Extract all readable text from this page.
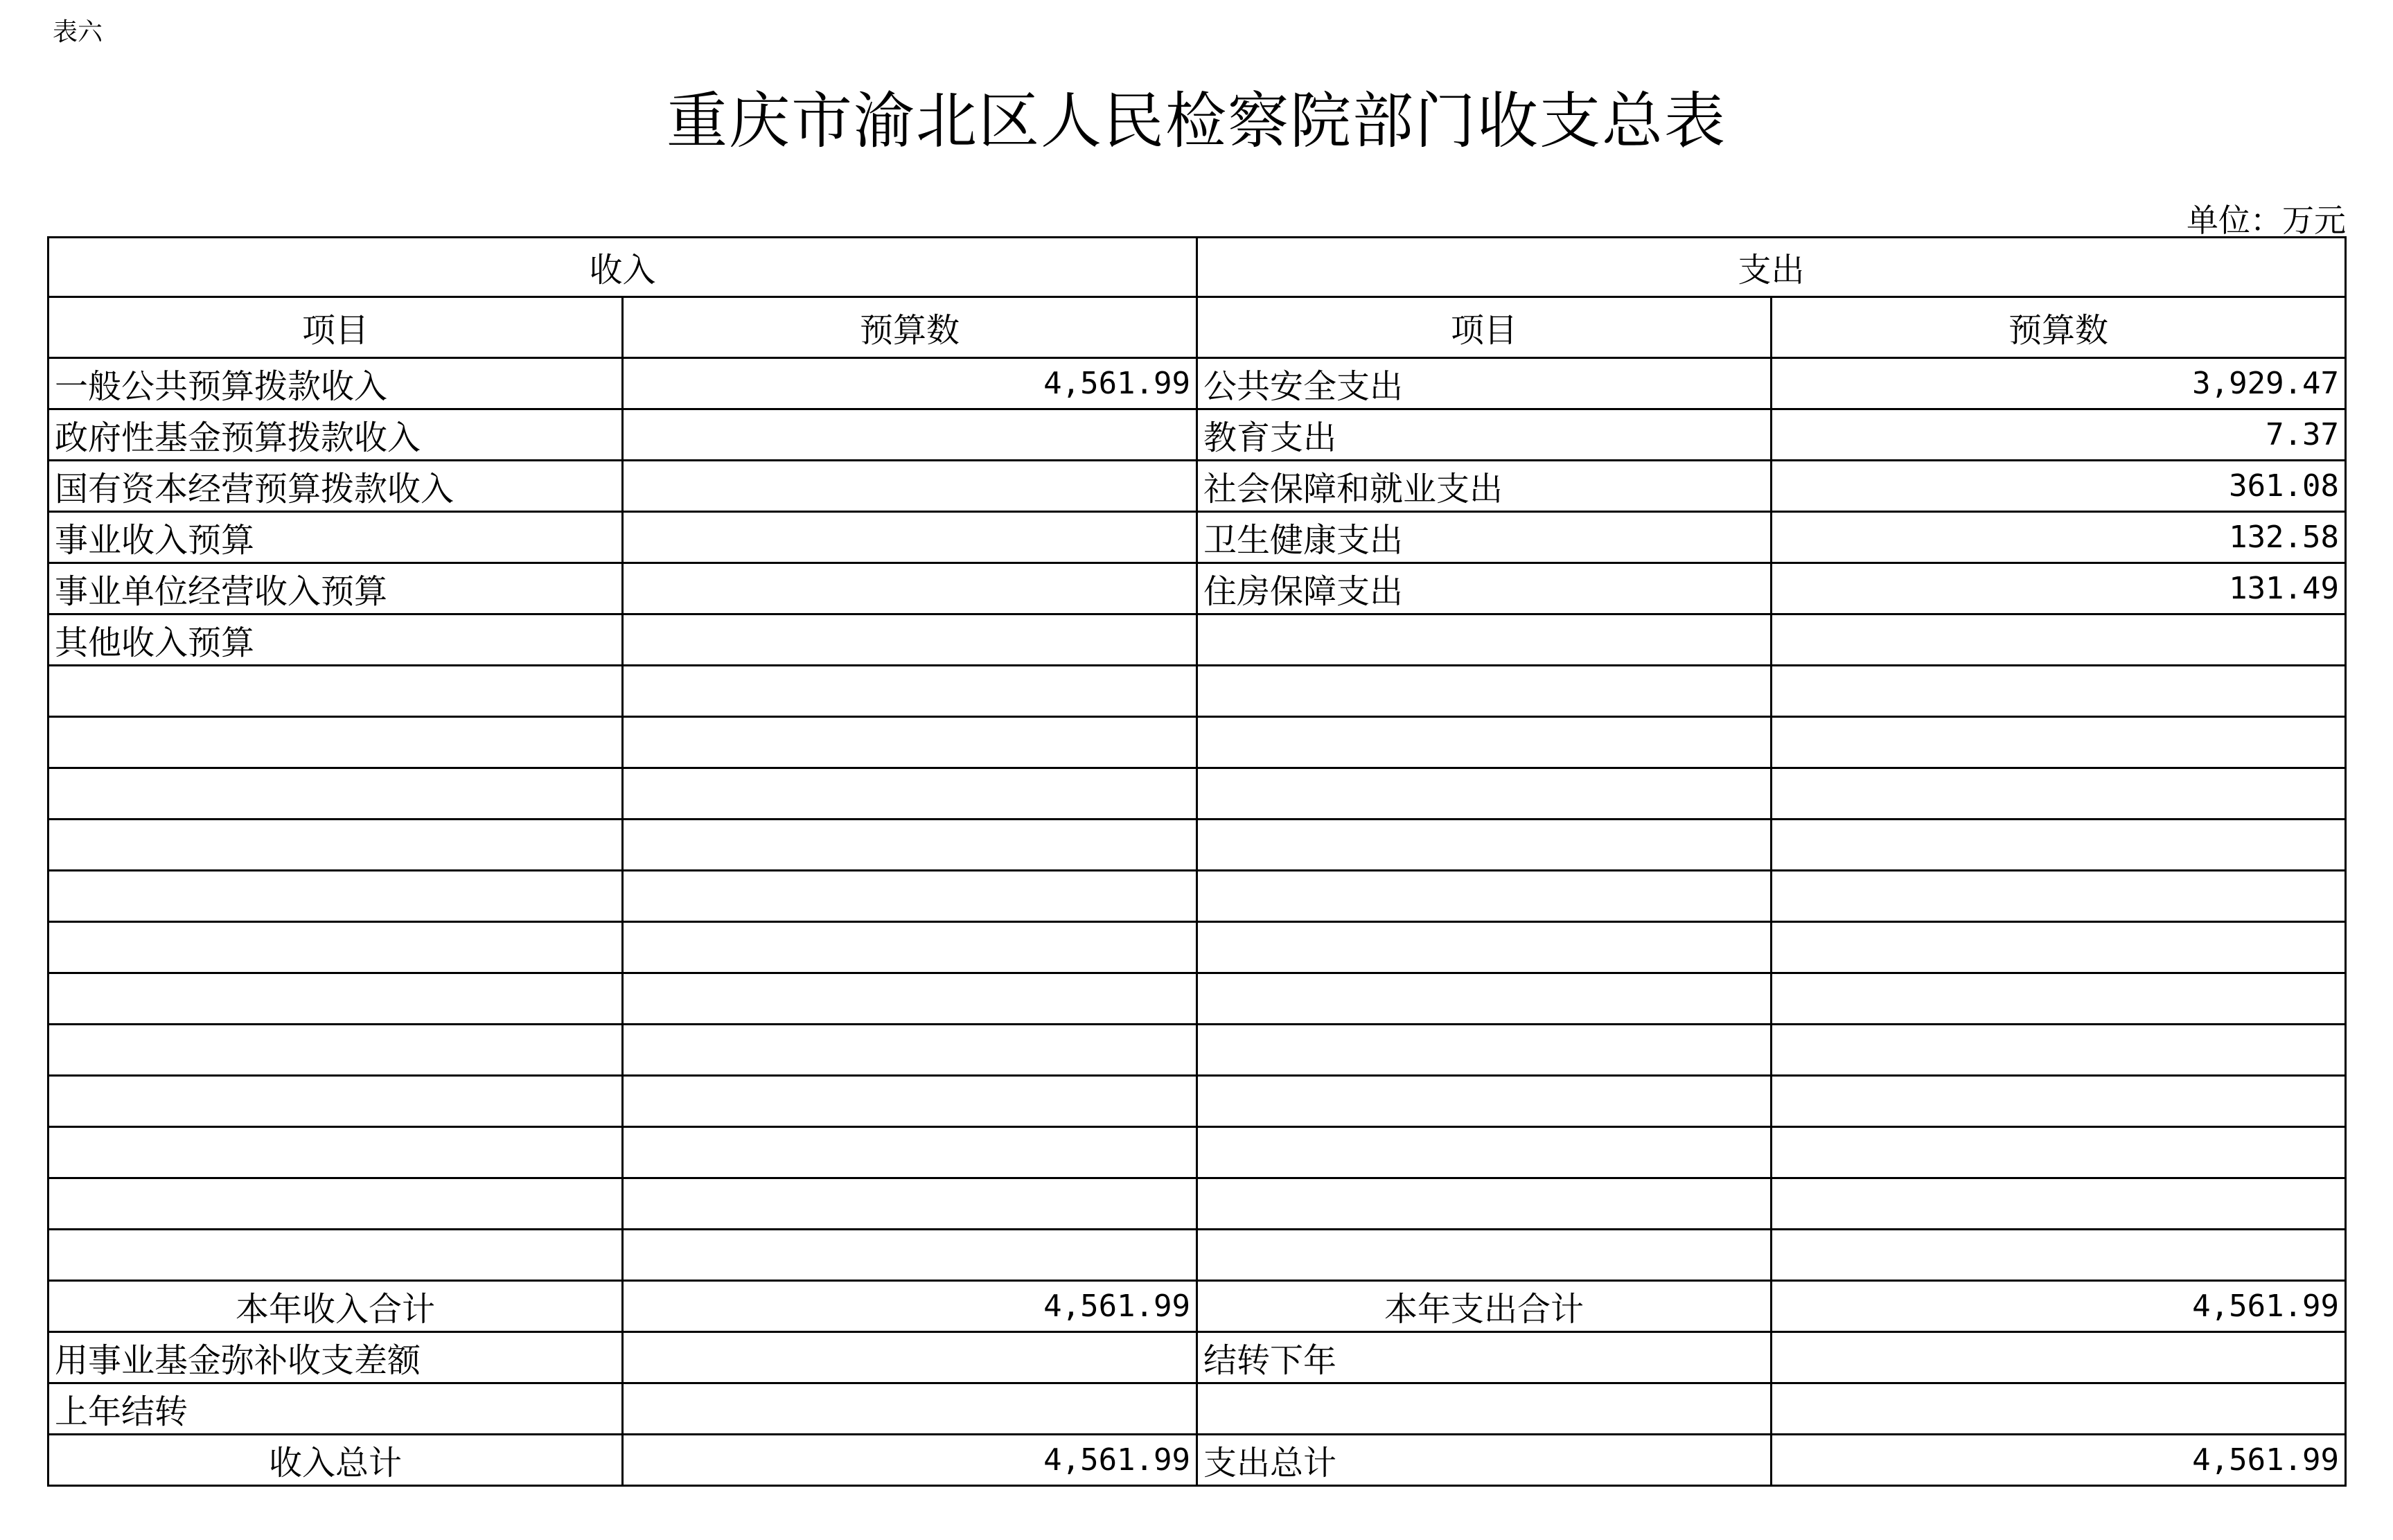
表六
重庆市渝北区人民检察院部门收支总表
单位：万元
收入		支出	
项目	预算数	项目	预算数
一般公共预算拨款收入	4,561.99	公共安全支出	3,929.47
政府性基金预算拨款收入		教育支出	7.37
国有资本经营预算拨款收入		社会保障和就业支出	361.08
事业收入预算		卫生健康支出	132.58
事业单位经营收入预算		住房保障支出	131.49
其他收入预算			

本年收入合计	4,561.99	本年支出合计	4,561.99
用事业基金弥补收支差额		结转下年	
上年结转			
收入总计	4,561.99	支出总计	4,561.99
